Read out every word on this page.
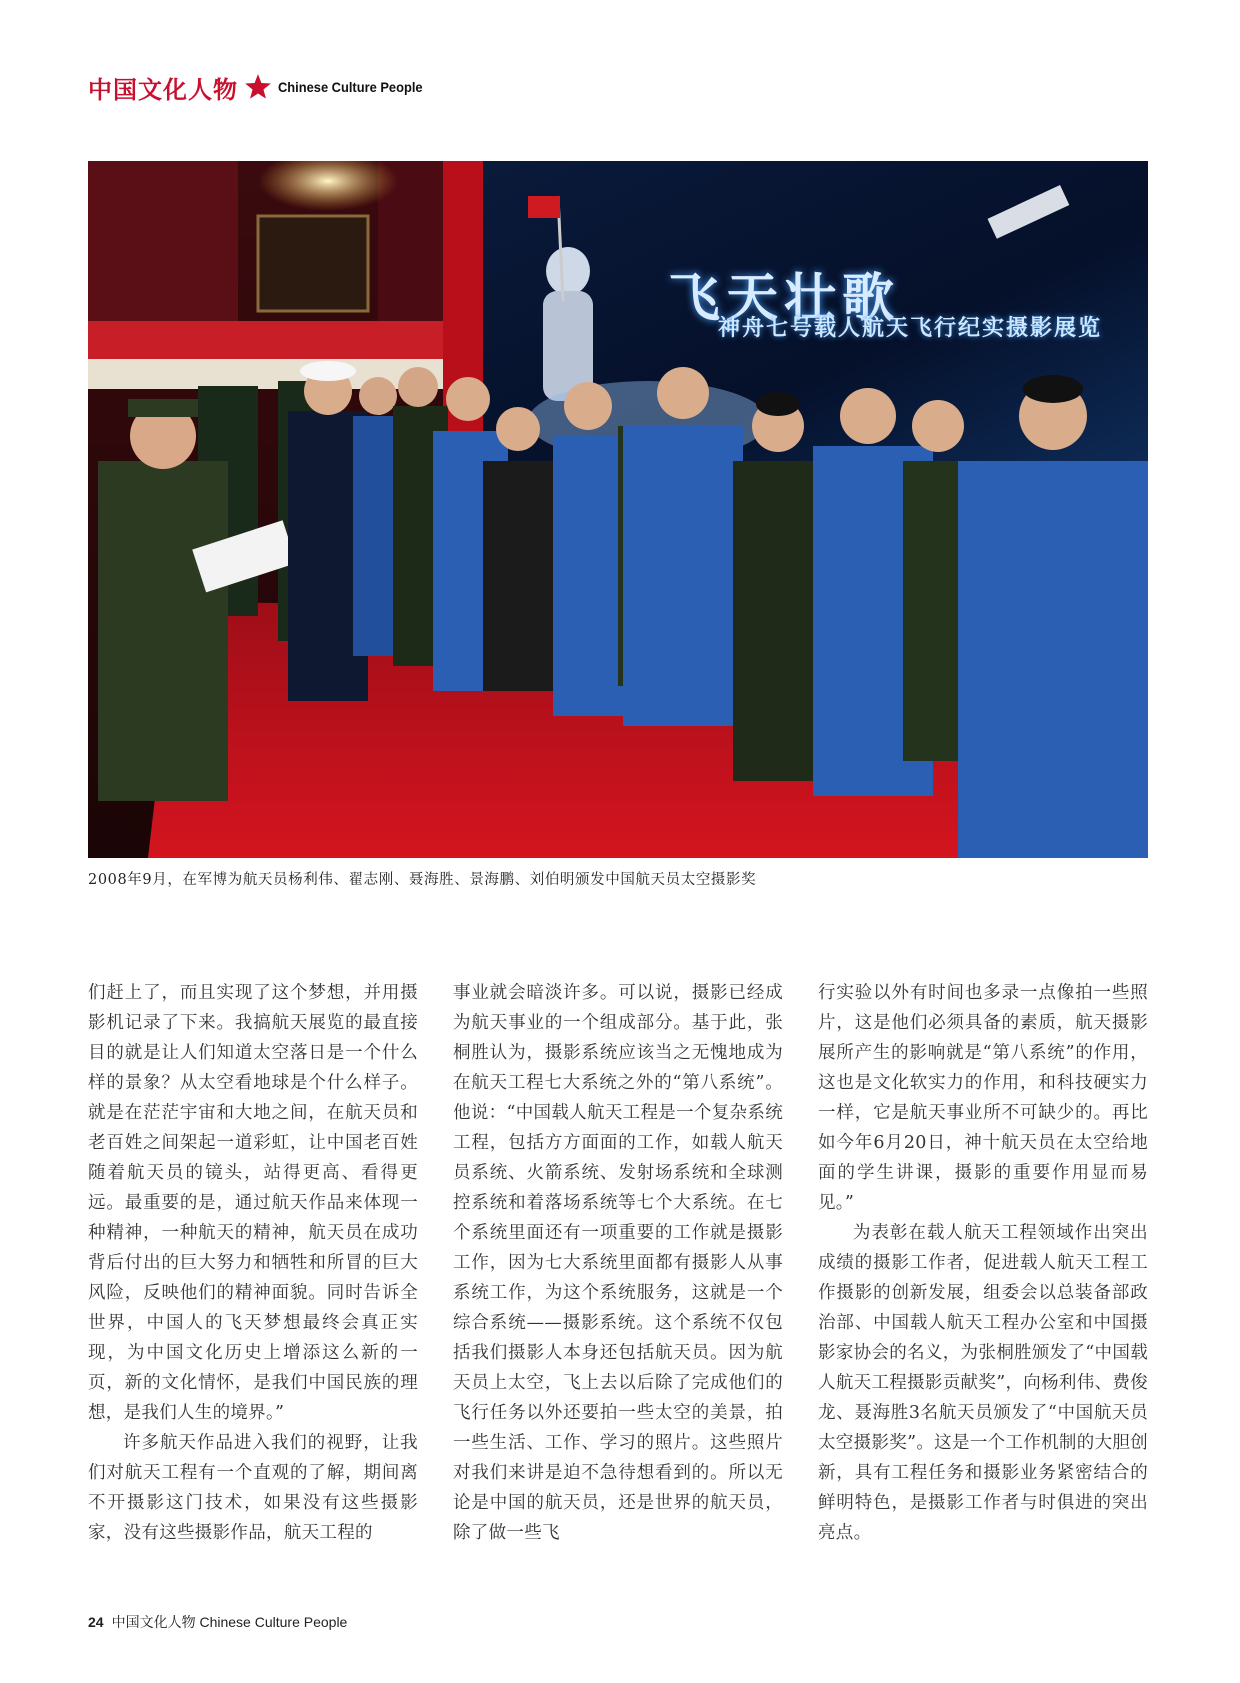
中国文化人物	Chinese Culture People
飞天壮歌
神舟七号载人航天飞行纪实摄影展览
2008年9月，在军博为航天员杨利伟、翟志刚、聂海胜、景海鹏、刘伯明颁发中国航天员太空摄影奖

们赶上了，而且实现了这个梦想，并用摄影机记录了下来。我搞航天展览的最直接目的就是让人们知道太空落日是一个什么样的景象？从太空看地球是个什么样子。就是在茫茫宇宙和大地之间，在航天员和老百姓之间架起一道彩虹，让中国老百姓随着航天员的镜头，站得更高、看得更远。最重要的是，通过航天作品来体现一种精神，一种航天的精神，航天员在成功背后付出的巨大努力和牺牲和所冒的巨大风险，反映他们的精神面貌。同时告诉全世界，中国人的飞天梦想最终会真正实现，为中国文化历史上增添这么新的一页，新的文化情怀，是我们中国民族的理想，是我们人生的境界。”

许多航天作品进入我们的视野，让我们对航天工程有一个直观的了解，期间离不开摄影这门技术，如果没有这些摄影家，没有这些摄影作品，航天工程的

事业就会暗淡许多。可以说，摄影已经成为航天事业的一个组成部分。基于此，张桐胜认为，摄影系统应该当之无愧地成为在航天工程七大系统之外的“第八系统”。他说：“中国载人航天工程是一个复杂系统工程，包括方方面面的工作，如载人航天员系统、火箭系统、发射场系统和全球测控系统和着落场系统等七个大系统。在七个系统里面还有一项重要的工作就是摄影工作，因为七大系统里面都有摄影人从事系统工作，为这个系统服务，这就是一个综合系统——摄影系统。这个系统不仅包括我们摄影人本身还包括航天员。因为航天员上太空，飞上去以后除了完成他们的飞行任务以外还要拍一些太空的美景，拍一些生活、工作、学习的照片。这些照片对我们来讲是迫不急待想看到的。所以无论是中国的航天员，还是世界的航天员，除了做一些飞

行实验以外有时间也多录一点像拍一些照片，这是他们必须具备的素质，航天摄影展所产生的影响就是“第八系统”的作用，这也是文化软实力的作用，和科技硬实力一样，它是航天事业所不可缺少的。再比如今年6月20日，神十航天员在太空给地面的学生讲课，摄影的重要作用显而易见。”

为表彰在载人航天工程领域作出突出成绩的摄影工作者，促进载人航天工程工作摄影的创新发展，组委会以总装备部政治部、中国载人航天工程办公室和中国摄影家协会的名义，为张桐胜颁发了“中国载人航天工程摄影贡献奖”，向杨利伟、费俊龙、聂海胜3名航天员颁发了“中国航天员太空摄影奖”。这是一个工作机制的大胆创新，具有工程任务和摄影业务紧密结合的鲜明特色，是摄影工作者与时俱进的突出亮点。

24 中国文化人物 Chinese Culture People
